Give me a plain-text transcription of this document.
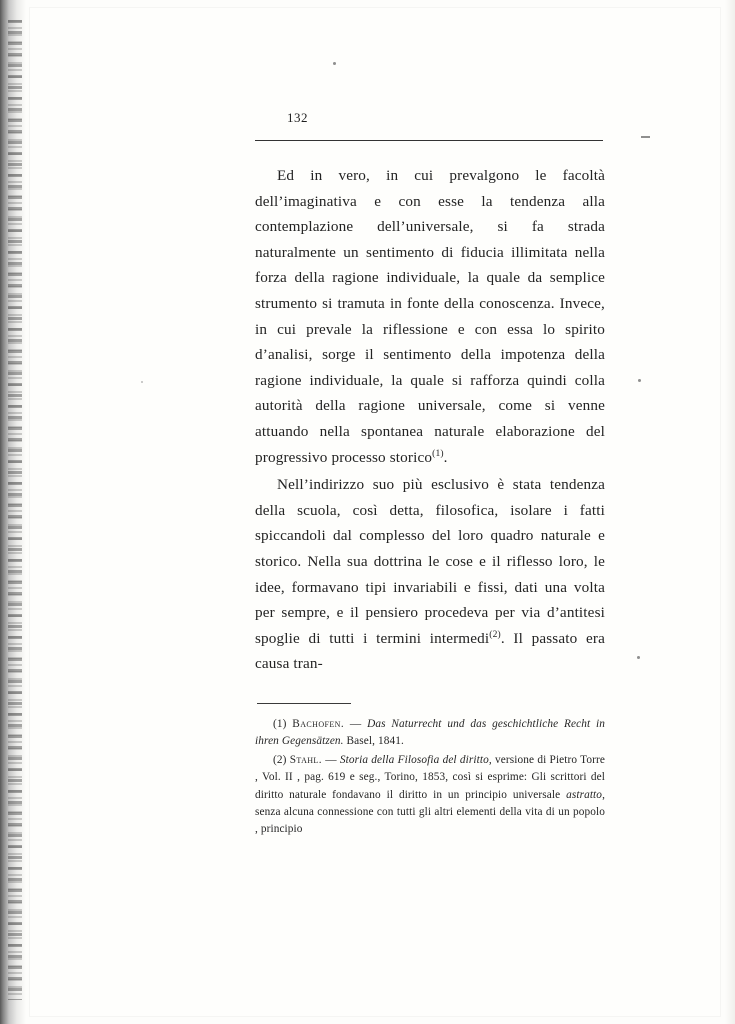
132

Ed in vero, in cui prevalgono le facoltà dell’imaginativa e con esse la tendenza alla contemplazione dell’universale, si fa strada naturalmente un sentimento di fiducia illimitata nella forza della ragione individuale, la quale da semplice strumento si tramuta in fonte della conoscenza. Invece, in cui prevale la riflessione e con essa lo spirito d’analisi, sorge il sentimento della impotenza della ragione individuale, la quale si rafforza quindi colla autorità della ragione universale, come si venne attuando nella spontanea naturale elaborazione del progressivo processo storico$^{(1)}$.

Nell’indirizzo suo più esclusivo è stata tendenza della scuola, così detta, filosofica, isolare i fatti spiccandoli dal complesso del loro quadro naturale e storico. Nella sua dottrina le cose e il riflesso loro, le idee, formavano tipi invariabili e fissi, dati una volta per sempre, e il pensiero procedeva per via d’antitesi spoglie di tutti i termini intermedi$^{(2)}$. Il passato era causa tran-

(1) Bachofen. — Das Naturrecht und das geschichtliche Recht in ihren Gegensätzen. Basel, 1841.

(2) Stahl. — Storia della Filosofia del diritto, versione di Pietro Torre , Vol. II , pag. 619 e seg., Torino, 1853, così si esprime: Gli scrittori del diritto naturale fondavano il diritto in un principio universale astratto, senza alcuna connessione con tutti gli altri elementi della vita di un popolo , principio
